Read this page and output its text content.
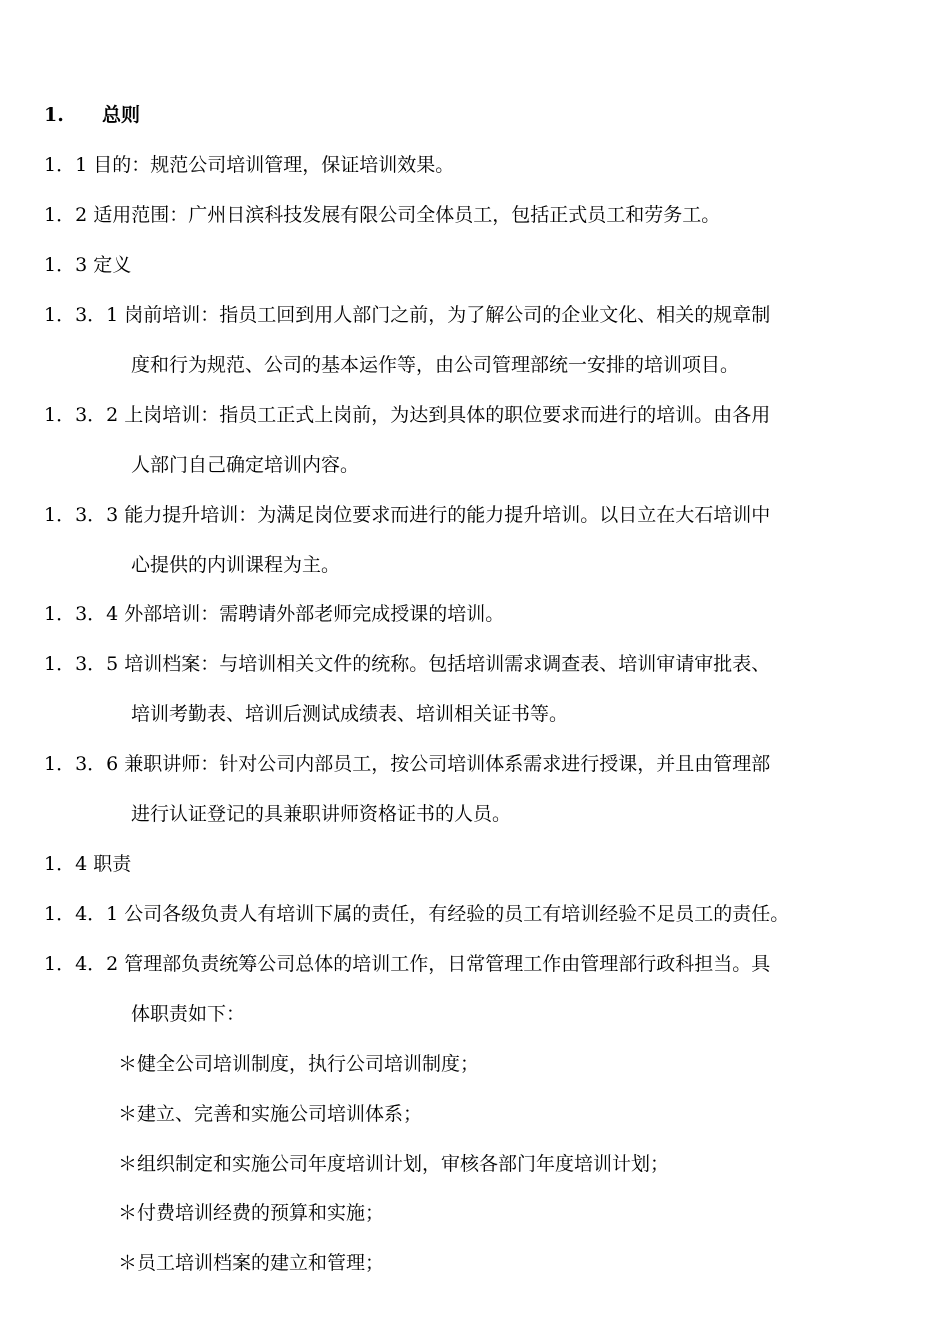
1. 总则
1．1 目的：规范公司培训管理，保证培训效果。
1．2 适用范围：广州日滨科技发展有限公司全体员工，包括正式员工和劳务工。
1．3 定义
1．3．1 岗前培训：指员工回到用人部门之前，为了解公司的企业文化、相关的规章制
度和行为规范、公司的基本运作等，由公司管理部统一安排的培训项目。
1．3．2 上岗培训：指员工正式上岗前，为达到具体的职位要求而进行的培训。由各用
人部门自己确定培训内容。
1．3．3 能力提升培训：为满足岗位要求而进行的能力提升培训。以日立在大石培训中
心提供的内训课程为主。
1．3．4 外部培训：需聘请外部老师完成授课的培训。
1．3．5 培训档案：与培训相关文件的统称。包括培训需求调查表、培训审请审批表、
培训考勤表、培训后测试成绩表、培训相关证书等。
1．3．6 兼职讲师：针对公司内部员工，按公司培训体系需求进行授课，并且由管理部
进行认证登记的具兼职讲师资格证书的人员。
1．4 职责
1．4．1 公司各级负责人有培训下属的责任，有经验的员工有培训经验不足员工的责任。
1．4．2 管理部负责统筹公司总体的培训工作，日常管理工作由管理部行政科担当。具
体职责如下：
＊健全公司培训制度，执行公司培训制度；
＊建立、完善和实施公司培训体系；
＊组织制定和实施公司年度培训计划，审核各部门年度培训计划；
＊付费培训经费的预算和实施；
＊员工培训档案的建立和管理；
